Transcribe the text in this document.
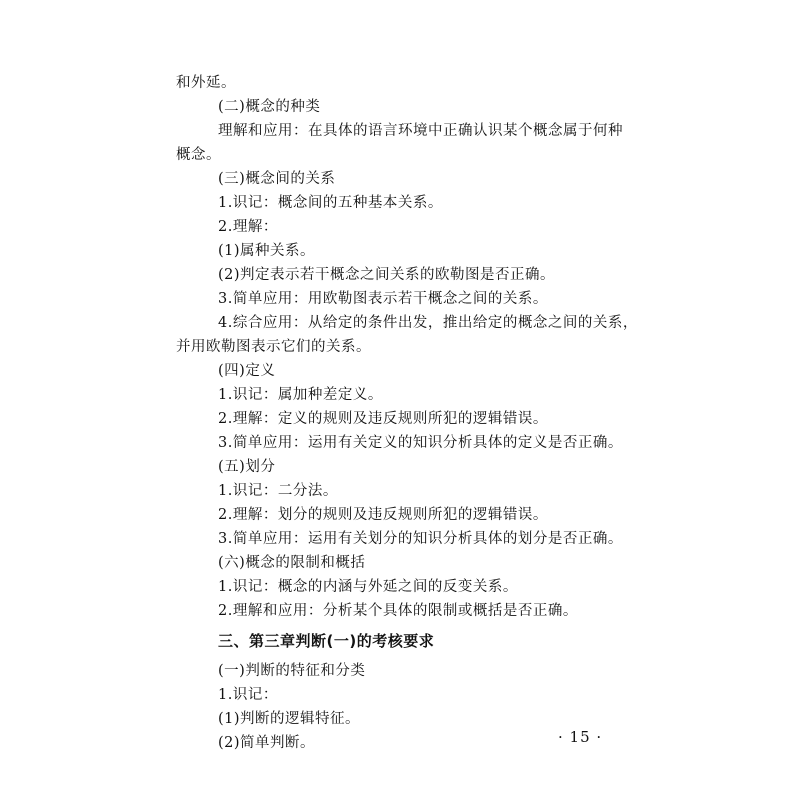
和外延。
(二)概念的种类
理解和应用：在具体的语言环境中正确认识某个概念属于何种
概念。
(三)概念间的关系
1.识记：概念间的五种基本关系。
2.理解：
(1)属种关系。
(2)判定表示若干概念之间关系的欧勒图是否正确。
3.简单应用：用欧勒图表示若干概念之间的关系。
4.综合应用：从给定的条件出发，推出给定的概念之间的关系，
并用欧勒图表示它们的关系。
(四)定义
1.识记：属加种差定义。
2.理解：定义的规则及违反规则所犯的逻辑错误。
3.简单应用：运用有关定义的知识分析具体的定义是否正确。
(五)划分
1.识记：二分法。
2.理解：划分的规则及违反规则所犯的逻辑错误。
3.简单应用：运用有关划分的知识分析具体的划分是否正确。
(六)概念的限制和概括
1.识记：概念的内涵与外延之间的反变关系。
2.理解和应用：分析某个具体的限制或概括是否正确。
三、第三章判断(一)的考核要求
(一)判断的特征和分类
1.识记：
(1)判断的逻辑特征。
(2)简单判断。	· 15 ·
